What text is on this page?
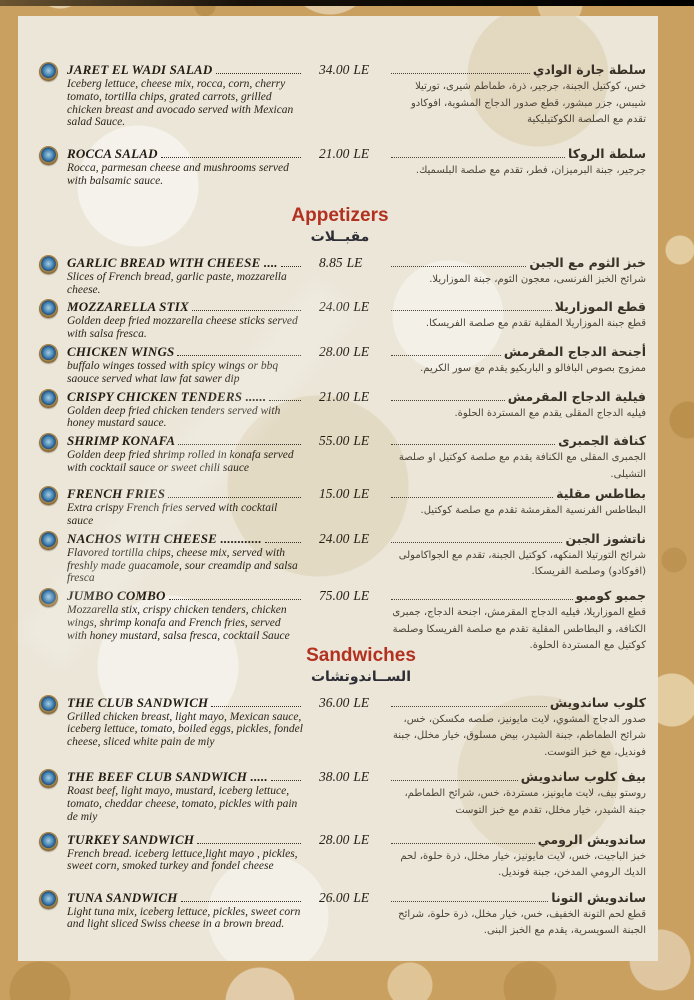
JARET EL WADI SALAD
Iceberg lettuce, cheese mix, rocca, corn, cherry tomato, tortilla chips, grated carrots, grilled chicken breast and avocado served with Mexican salad Sauce.
34.00 LE	سلطة جارة الوادي
خس، كوكتيل الجبنة، جرجير، ذرة، طماطم شيرى، تورتيلا شيبس، جزر مبشور، قطع صدور الدجاج المشوية، افوكادو تقدم مع الصلصة الكوكتيليكية
ROCCA SALAD
Rocca, parmesan cheese and mushrooms served with balsamic sauce.
21.00 LE	سلطة الروكا
جرجير، جبنة البرميزان، فطر، تقدم مع صلصة البلسميك.
Appetizers
مقبــلات
GARLIC BREAD WITH CHEESE ....
Slices of French bread, garlic paste, mozzarella cheese.
8.85 LE	خبز الثوم مع الجبن
شرائح الخبز الفرنسى، معجون الثوم، جبنة الموزاريلا.
MOZZARELLA STIX
Golden deep fried mozzarella cheese sticks served with salsa fresca.
24.00 LE	قطع الموزاريلا
قطع جبنة الموزاريلا المقلية تقدم مع صلصة الفريسكا.
CHICKEN WINGS
buffalo winges tossed with spicy wings or bbq saouce served what law fat sawer dip
28.00 LE	أجنحة الدجاج المقرمش
ممزوج بصوص البافالو و الباربكيو يقدم مع سور الكريم.
CRISPY CHICKEN TENDERS ......
Golden deep fried chicken tenders served with honey mustard sauce.
21.00 LE	فيلية الدجاج المقرمش
فيليه الدجاج المقلى يقدم مع المستردة الحلوة.
SHRIMP KONAFA
Golden deep fried shrimp rolled in konafa served with cocktail sauce or sweet chili sauce
55.00 LE	كنافة الجمبرى
الجمبرى المقلى مع الكنافة يقدم مع صلصة كوكتيل او صلصة التشيلى.
FRENCH FRIES
Extra crispy French fries served with cocktail sauce
15.00 LE	بطاطس مقلية
البطاطس الفرنسية المقرمشة تقدم مع صلصة كوكتيل.
NACHOS WITH CHEESE ............
Flavored tortilla chips, cheese mix, served with freshly made guacamole, sour creamdip and salsa fresca
24.00 LE	ناتشوز الجبن
شرائح التورتيلا المنكهه، كوكتيل الجبنة، تقدم مع الجواكامولى (افوكادو) وصلصة الفريسكا.
JUMBO COMBO
Mozzarella stix, crispy chicken tenders, chicken wings, shrimp konafa and French fries, served with honey mustard, salsa fresca, cocktail Sauce
75.00 LE	جمبو كومبو
قطع الموزاريلا، فيليه الدجاج المقرمش، اجنحة الدجاج، جمبرى الكنافة، و البطاطس المقلية تقدم مع صلصة الفريسكا وصلصة كوكتيل مع المستردة الحلوة.
Sandwiches
الســاندوتشات
THE CLUB SANDWICH
Grilled chicken breast, light mayo, Mexican sauce, iceberg lettuce, tomato, boiled eggs, pickles, fondel cheese, sliced white pain de miy
36.00 LE	كلوب ساندويش
صدور الدجاج المشوي، لايت مايونيز، صلصه مكسكن، خس، شرائح الطماطم، جبنة الشيدر، بيض مسلوق، خيار مخلل، جبنة فونديل، مع خبز التوست.
THE BEEF CLUB SANDWICH .....
Roast beef, light mayo, mustard, iceberg lettuce, tomato, cheddar cheese, tomato, pickles with pain de miy
38.00 LE	بيف كلوب ساندويش
روستو بيف، لايت مايونيز، مستردة، خس، شرائح الطماطم، جبنة الشيدر، خيار مخلل، تقدم مع خبز التوست
TURKEY SANDWICH
French bread. iceberg lettuce,light mayo , pickles, sweet corn, smoked turkey and fondel cheese
28.00 LE	ساندويش الرومي
خبز الباجيت، خس، لايت مايونيز، خيار مخلل، ذرة حلوة، لحم الديك الرومي المدخن، جبنة فونديل.
TUNA SANDWICH
Light tuna mix, iceberg lettuce, pickles, sweet corn and light sliced Swiss cheese in a brown bread.
26.00 LE	ساندويش التونا
قطع لحم التونة الخفيف، خس، خيار مخلل، ذرة حلوة، شرائح الجبنة السويسرية، يقدم مع الخبز البنى.
